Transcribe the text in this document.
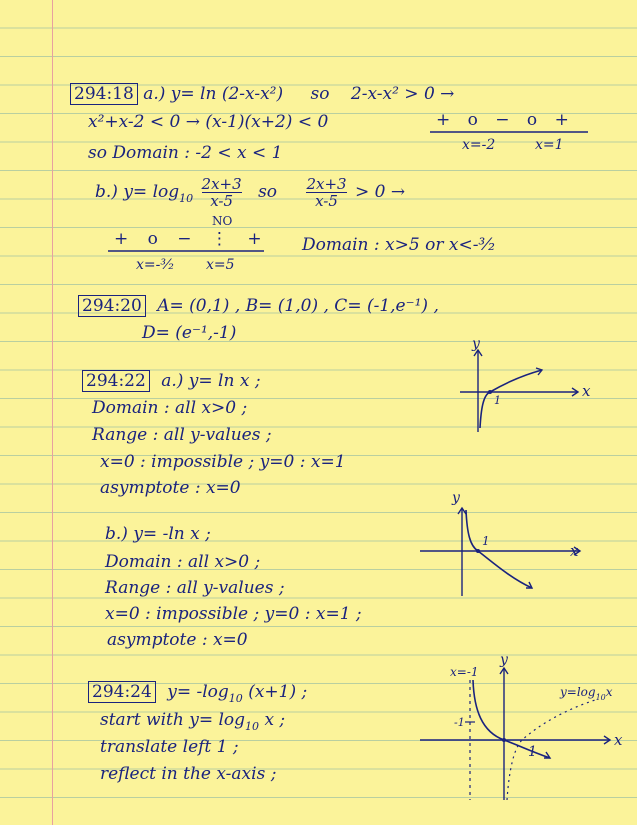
294:18 a.) y= ln (2-x-x²) so 2-x-x² > 0 →
x²+x-2 < 0 → (x-1)(x+2) < 0	+ o − o +
x=-2	x=1
so Domain : -2 < x < 1
b.) $y= \log_{10} \frac{2x+3}{x-5}$ so $\frac{2x+3}{x-5} > 0$ →
NO
+ o − ⋮ +
x=-³⁄₂ x=5
Domain : x>5 or x<-³⁄₂
294:20 A= (0,1) , B= (1,0) , C= (-1,e⁻¹) ,
D= (e⁻¹,-1)
294:22 a.) y= ln x ;
Domain : all x>0 ;
Range : all y-values ;
x=0 : impossible ; y=0 : x=1
asymptote : x=0
b.) y= -ln x ;
Domain : all x>0 ;
Range : all y-values ;
x=0 : impossible ; y=0 : x=1 ;
asymptote : x=0
294:24 $y= -\log_{10}$ (x+1) ;
start with $y= \log_{10} x$ ;
translate left 1 ;
reflect in the x-axis ;
x
y
1
x
y
1
x
y
x=-1
-1
1
$y=\log_{10}x$
